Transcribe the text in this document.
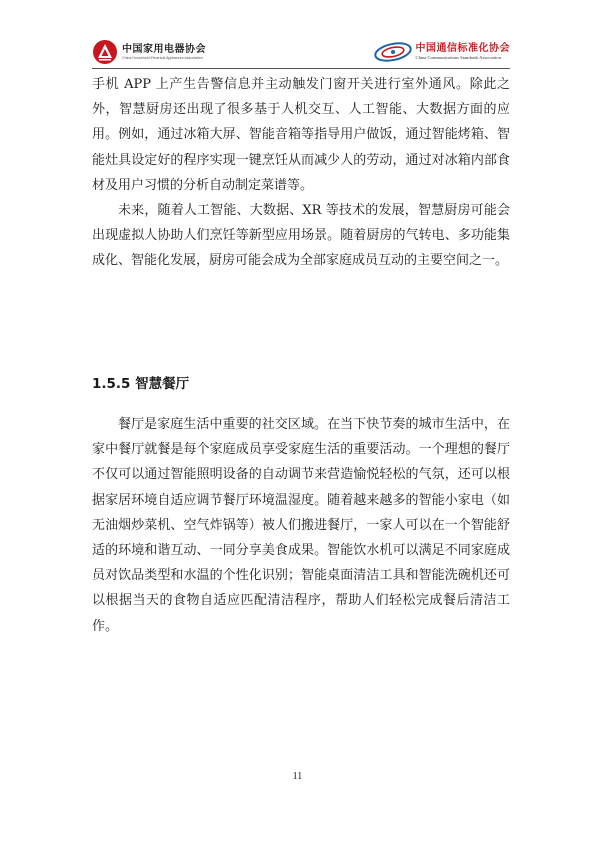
中国家用电器协会
China Household Electrical Appliances Association
中国通信标准化协会
China Communications Standards Association

手机 APP 上产生告警信息并主动触发门窗开关进行室外通风。除此之外，智慧厨房还出现了很多基于人机交互、人工智能、大数据方面的应用。例如，通过冰箱大屏、智能音箱等指导用户做饭，通过智能烤箱、智能灶具设定好的程序实现一键烹饪从而减少人的劳动，通过对冰箱内部食材及用户习惯的分析自动制定菜谱等。

未来，随着人工智能、大数据、XR 等技术的发展，智慧厨房可能会出现虚拟人协助人们烹饪等新型应用场景。随着厨房的气转电、多功能集成化、智能化发展，厨房可能会成为全部家庭成员互动的主要空间之一。

1.5.5 智慧餐厅

餐厅是家庭生活中重要的社交区域。在当下快节奏的城市生活中，在家中餐厅就餐是每个家庭成员享受家庭生活的重要活动。一个理想的餐厅不仅可以通过智能照明设备的自动调节来营造愉悦轻松的气氛，还可以根据家居环境自适应调节餐厅环境温湿度。随着越来越多的智能小家电（如无油烟炒菜机、空气炸锅等）被人们搬进餐厅，一家人可以在一个智能舒适的环境和谐互动、一同分享美食成果。智能饮水机可以满足不同家庭成员对饮品类型和水温的个性化识别；智能桌面清洁工具和智能洗碗机还可以根据当天的食物自适应匹配清洁程序，帮助人们轻松完成餐后清洁工作。

11
